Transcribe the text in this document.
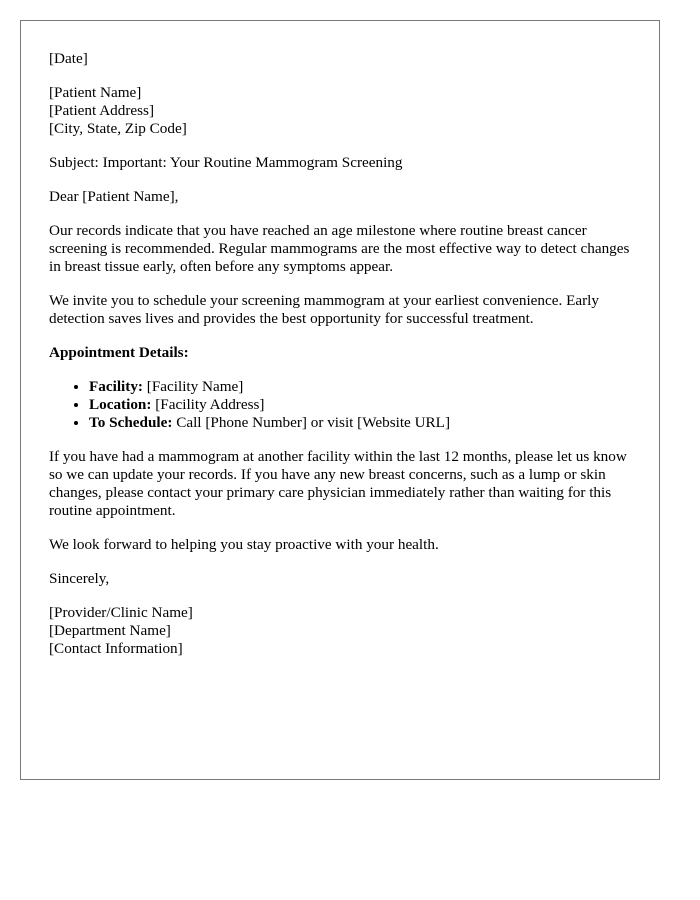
[Date]

[Patient Name]
[Patient Address]
[City, State, Zip Code]

Subject: Important: Your Routine Mammogram Screening

Dear [Patient Name],

Our records indicate that you have reached an age milestone where routine breast cancer screening is recommended. Regular mammograms are the most effective way to detect changes in breast tissue early, often before any symptoms appear.

We invite you to schedule your screening mammogram at your earliest convenience. Early detection saves lives and provides the best opportunity for successful treatment.

Appointment Details:
• Facility: [Facility Name]
• Location: [Facility Address]
• To Schedule: Call [Phone Number] or visit [Website URL]

If you have had a mammogram at another facility within the last 12 months, please let us know so we can update your records. If you have any new breast concerns, such as a lump or skin changes, please contact your primary care physician immediately rather than waiting for this routine appointment.

We look forward to helping you stay proactive with your health.

Sincerely,

[Provider/Clinic Name]
[Department Name]
[Contact Information]
